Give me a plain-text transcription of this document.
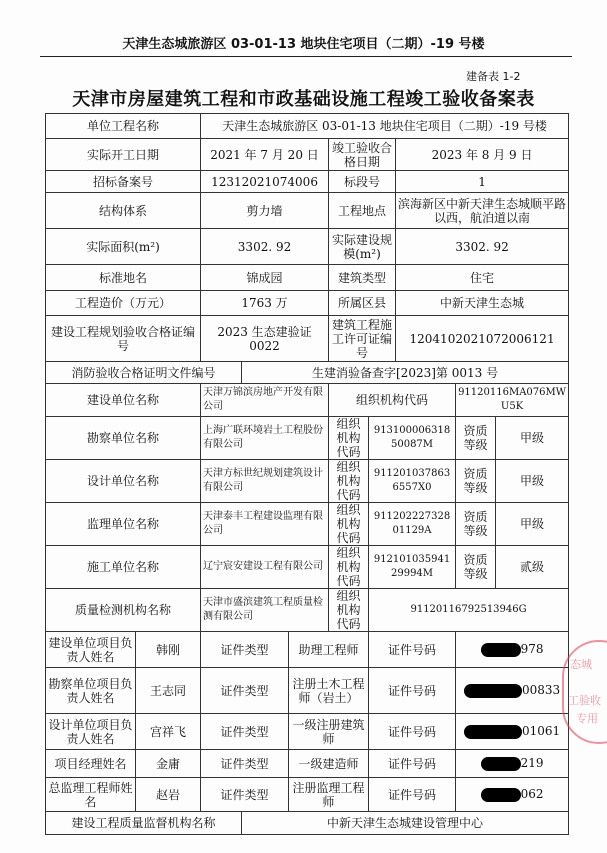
天津生态城旅游区 03-01-13 地块住宅项目（二期）-19 号楼
建备表 1-2
天津市房屋建筑工程和市政基础设施工程竣工验收备案表
单位工程名称		天津生态城旅游区 03-01-13 地块住宅项目（二期）-19 号楼							
实际开工日期		2021 年 7 月 20 日			竣工验收合格日期		2023 年 8 月 9 日		
招标备案号		12312021074006			标段号		1		
结构体系		剪力墙			工程地点		滨海新区中新天津生态城顺平路以西，航泊道以南		
实际面积(m²)		3302. 92			实际建设规模(m²)		3302. 92		
标准地名		锦成园			建筑类型		住宅		
工程造价（万元）		1763 万			所属区县		中新天津生态城		
建设工程规划验收合格证编号		2023 生态建验证 0022			建筑工程施工许可证编号		1204102021072006121		
消防验收合格证明文件编号			生建消验备查字[2023]第 0013 号						
建设单位名称		天津万锦滨房地产开发有限公司			组织机构代码			91120116MA076MWU5K	
勘察单位名称		上海广联环境岩土工程股份有限公司			组织机构代码	91310000631850087M		资质等级	甲级
设计单位名称		天津方标世纪规划建筑设计有限公司			组织机构代码	911201037863 6557X0		资质等级	甲级
监理单位名称		天津泰丰工程建设监理有限公司			组织机构代码	91120222732801129A		资质等级	甲级
施工单位名称		辽宁宸安建设工程有限公司			组织机构代码	91210103594129994M		资质等级	贰级
质量检测机构名称		天津市盛滨建筑工程质量检测有限公司			组织机构代码	91120116792513946G			
建设单位项目负责人姓名	韩刚	证件类型		助理工程师		证件号码		978	
勘察单位项目负责人姓名	王志同	证件类型		注册土木工程师（岩土）		证件号码		00833	
设计单位项目负责人姓名	宫祥飞	证件类型		一级注册建筑师		证件号码		01061	
项目经理姓名	金庸	证件类型		一级建造师		证件号码		219	
总监理工程师姓名	赵岩	证件类型		注册监理工程师		证件号码		062	
建设工程质量监督机构名称			中新天津生态城建设管理中心						
态城
工验收
专用
